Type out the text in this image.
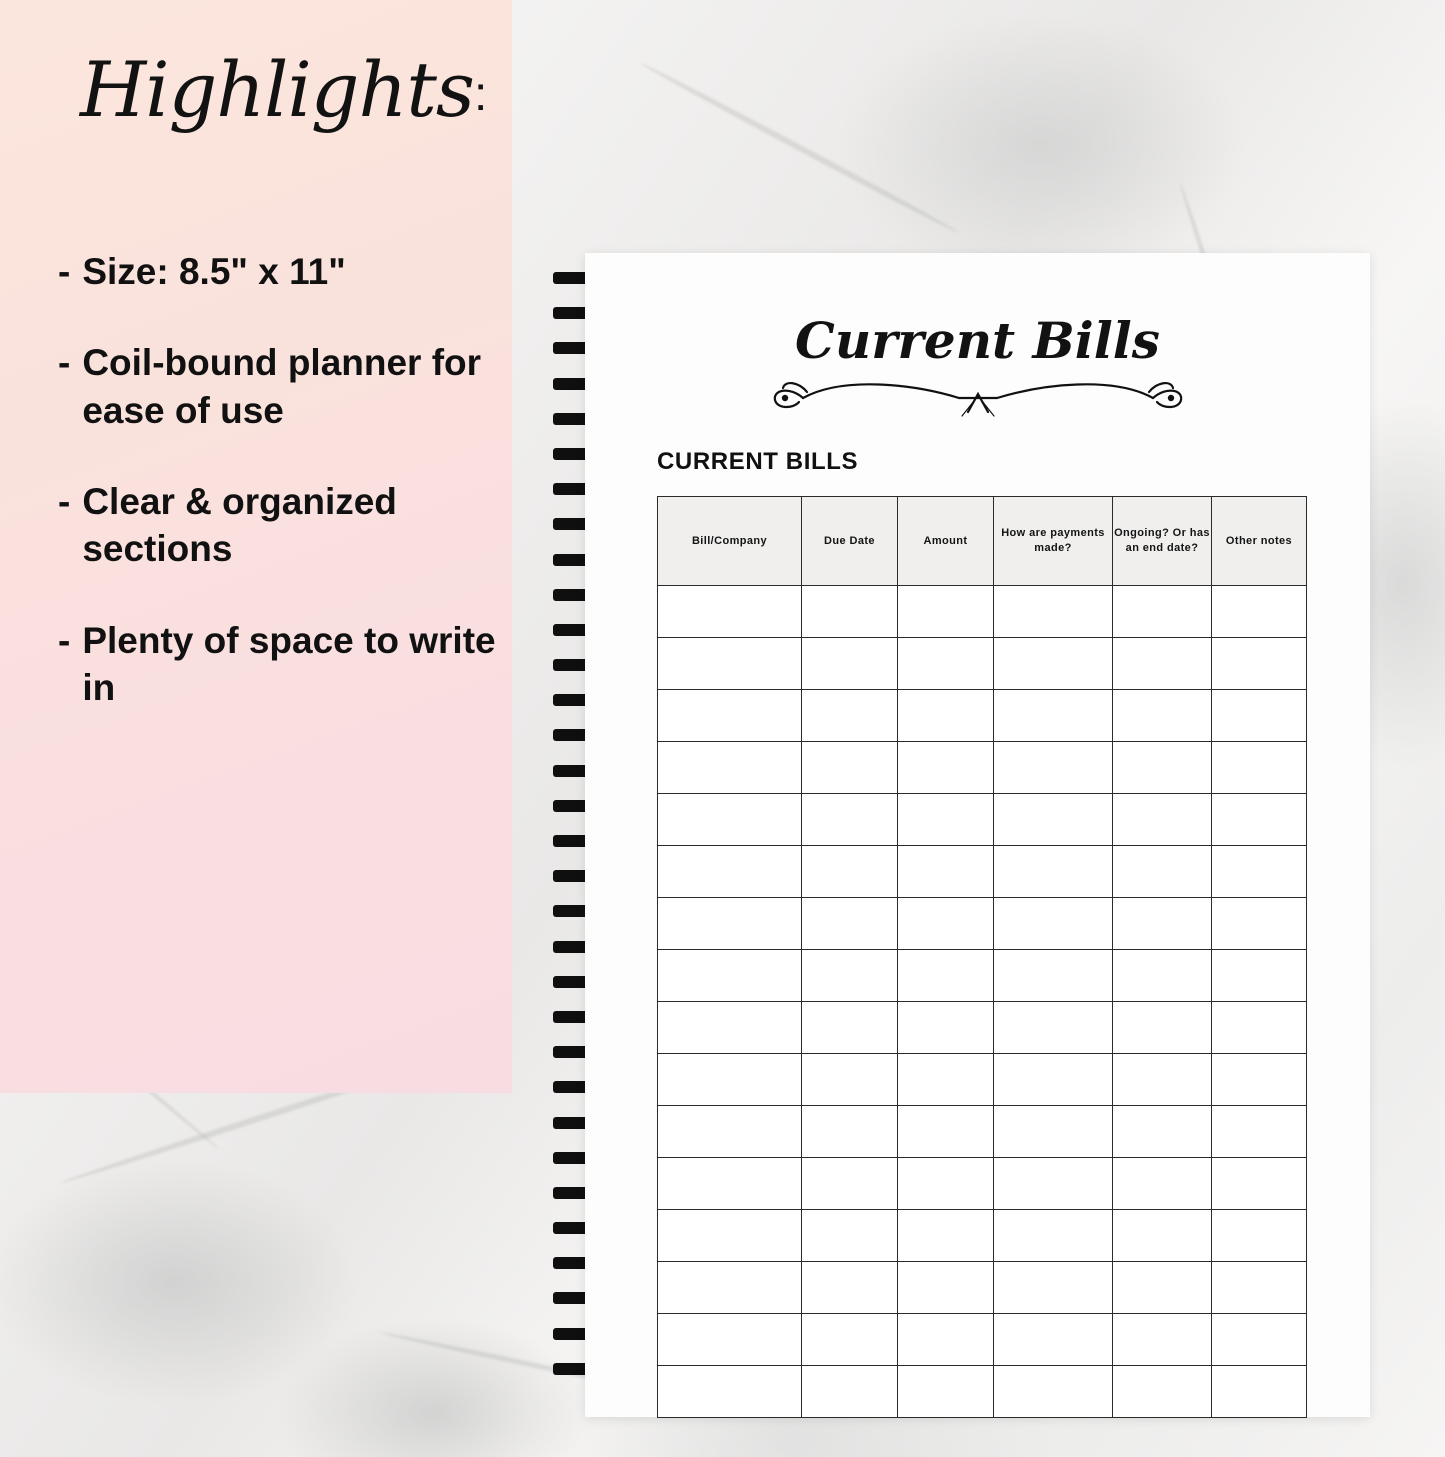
Highlights:
- Size: 8.5" x 11"
- Coil-bound planner for ease of use
- Clear & organized sections
- Plenty of space to write in
Current Bills
CURRENT BILLS
Bill/Company	Due Date	Amount	How are payments made?	Ongoing? Or has an end date?	Other notes
